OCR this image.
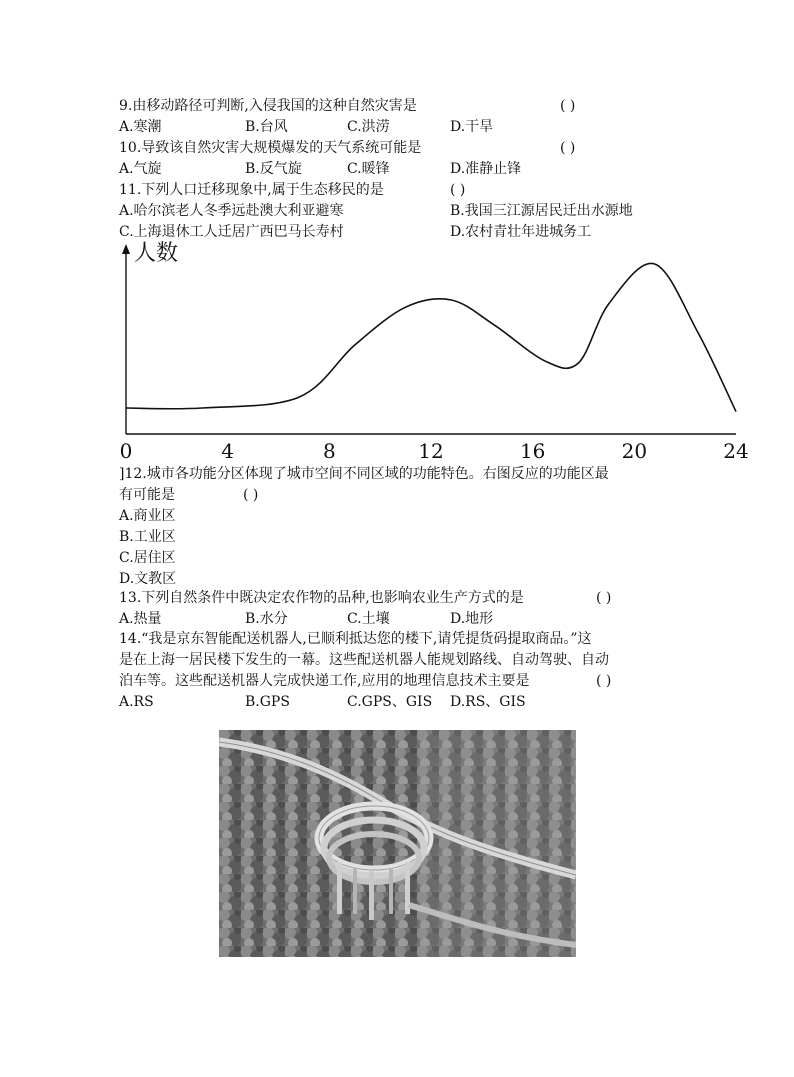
9.由移动路径可判断,入侵我国的这种自然灾害是	( )
A.寒潮	B.台风	C.洪涝	D.干旱
10.导致该自然灾害大规模爆发的天气系统可能是	( )
A.气旋	B.反气旋	C.暖锋	D.准静止锋
11.下列人口迁移现象中,属于生态移民的是	( )
A.哈尔滨老人冬季远赴澳大利亚避寒	B.我国三江源居民迁出水源地
C.上海退休工人迁居广西巴马长寿村	D.农村青壮年进城务工
0	4	8	12	16	20	24
人数
]12.城市各功能分区体现了城市空间不同区域的功能特色。右图反应的功能区最
有可能是	( )
A.商业区
B.工业区
C.居住区
D.文教区
13.下列自然条件中既决定农作物的品种,也影响农业生产方式的是	( )
A.热量	B.水分	C.土壤	D.地形
14.“我是京东智能配送机器人,已顺利抵达您的楼下,请凭提货码提取商品。”这
是在上海一居民楼下发生的一幕。这些配送机器人能规划路线、自动驾驶、自动
泊车等。这些配送机器人完成快递工作,应用的地理信息技术主要是	( )
A.RS	B.GPS	C.GPS、GIS D.RS、GIS
